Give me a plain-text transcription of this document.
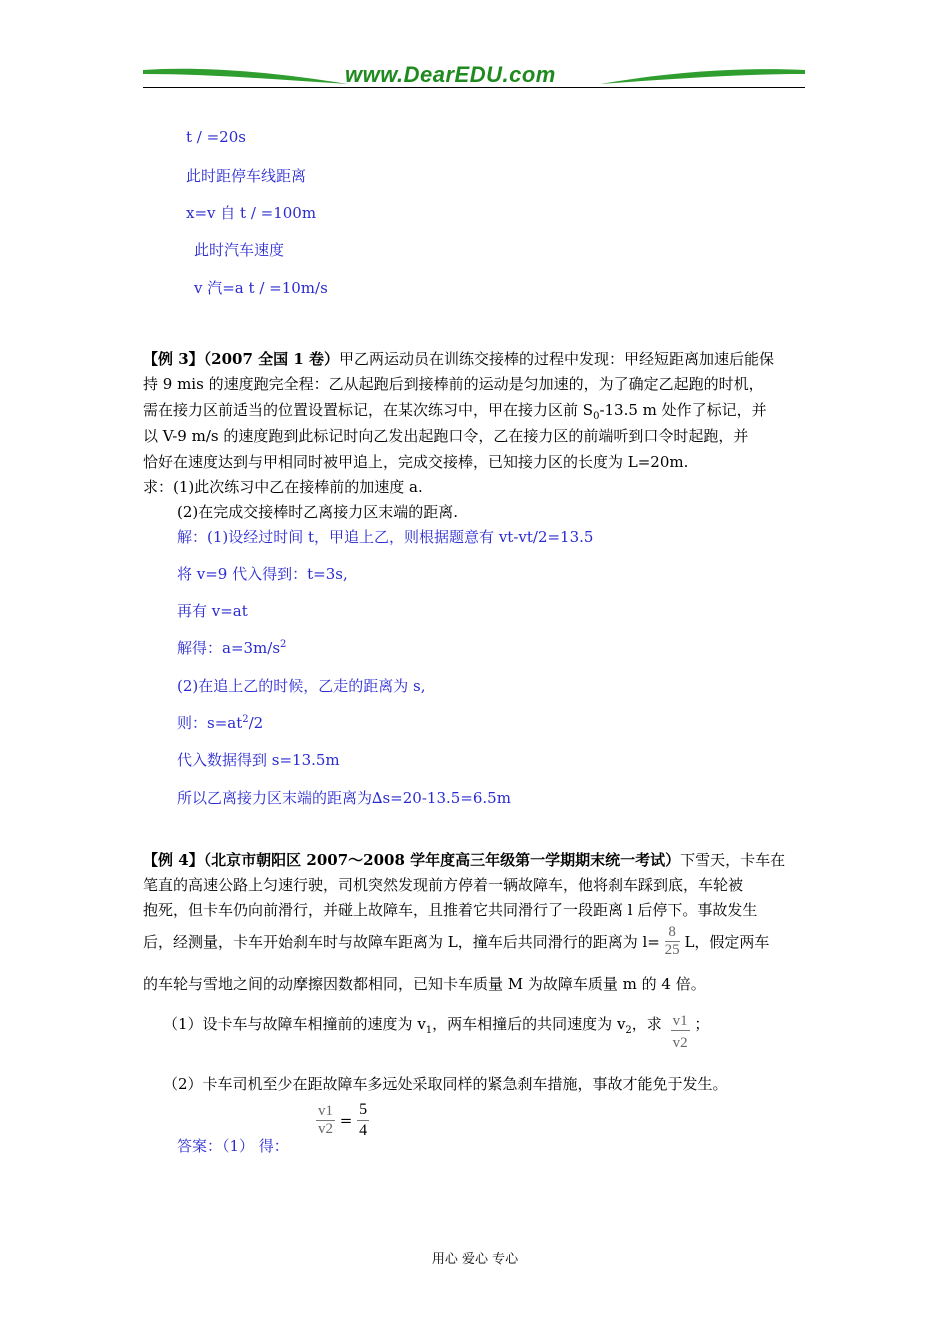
www.DearEDU.com
t / =20s
此时距停车线距离
x=v 自 t / =100m
此时汽车速度
v 汽=a t / =10m/s
【例 3】（2007 全国 1 卷）甲乙两运动员在训练交接棒的过程中发现：甲经短距离加速后能保
持 9 mis 的速度跑完全程：乙从起跑后到接棒前的运动是匀加速的，为了确定乙起跑的时机，
需在接力区前适当的位置设置标记，在某次练习中，甲在接力区前 $S_0-13.5$ m 处作了标记，并
以 V-9 m/s 的速度跑到此标记时向乙发出起跑口令，乙在接力区的前端听到口令时起跑，并
恰好在速度达到与甲相同时被甲追上，完成交接棒，已知接力区的长度为 L=20m.
求：(1)此次练习中乙在接棒前的加速度 a.
(2)在完成交接棒时乙离接力区末端的距离.
解：(1)设经过时间 t，甲追上乙，则根据题意有 vt-vt/2=13.5
将 v=9 代入得到：t=3s,
再有 v=at
解得：$a=3m/s^2$
(2)在追上乙的时候，乙走的距离为 s,
则：$s=at^2/2$
代入数据得到 s=13.5m
所以乙离接力区末端的距离为∆s=20-13.5=6.5m
【例 4】（北京市朝阳区 2007～2008 学年度高三年级第一学期期末统一考试）下雪天，卡车在
笔直的高速公路上匀速行驶，司机突然发现前方停着一辆故障车，他将刹车踩到底，车轮被
抱死，但卡车仍向前滑行，并碰上故障车，且推着它共同滑行了一段距离 l 后停下。事故发生
后，经测量，卡车开始刹车时与故障车距离为 L，撞车后共同滑行的距离为 $l= \frac{8}{25}$ L，假定两车
的车轮与雪地之间的动摩擦因数都相同，已知卡车质量 M 为故障车质量 m 的 4 倍。
（1）设卡车与故障车相撞前的速度为 $v_1$，两车相撞后的共同速度为 $v_2$，求 $\frac{v1}{v2}$ ；
（2）卡车司机至少在距故障车多远处采取同样的紧急刹车措施，事故才能免于发生。
答案：（1） 得：
$\frac{v1}{v2} = \frac{5}{4}$
用心 爱心 专心
